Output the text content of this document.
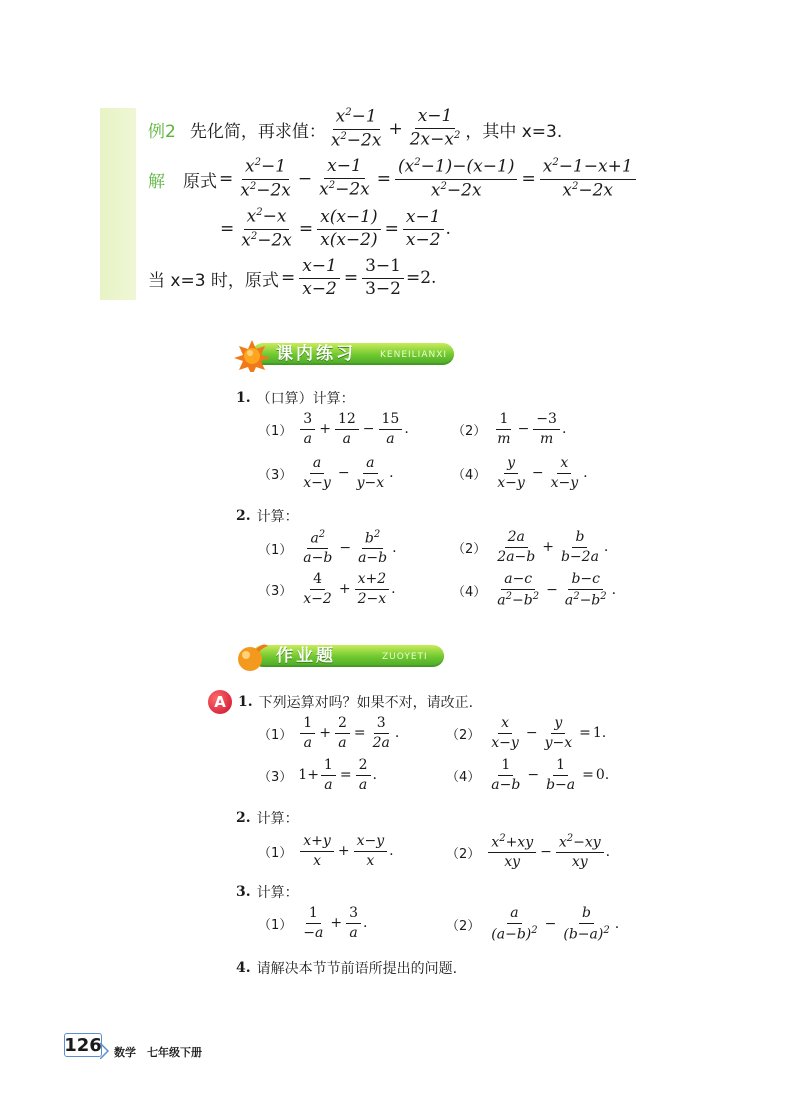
例2 先化简，再求值： $\frac{x^2-1}{x^2-2x} + \frac{x-1}{2x-x^2}$ ，其中 x=3.
解 原式 = $\frac{x^2-1}{x^2-2x} - \frac{x-1}{x^2-2x} = \frac{(x^2-1)-(x-1)}{x^2-2x} = \frac{x^2-1-x+1}{x^2-2x}$
= $\frac{x^2-x}{x^2-2x} = \frac{x(x-1)}{x(x-2)} = \frac{x-1}{x-2}$ .
当 x=3 时，原式 = $\frac{x-1}{x-2} = \frac{3-1}{3-2} =2$.
课内练习	KENEILIANXI
1. （口算）计算：
$(1) \frac{3}{a} + \frac{12}{a} - \frac{15}{a}$ .	$(2) \frac{1}{m} - \frac{-3}{m}$ .
$(3) \frac{a}{x-y} - \frac{a}{y-x}$ .	$(4) \frac{y}{x-y} - \frac{x}{x-y}$ .
2. 计算：
$(1) \frac{a^2}{a-b} - \frac{b^2}{a-b}$ .	$(2) \frac{2a}{2a-b} + \frac{b}{b-2a}$ .
$(3) \frac{4}{x-2} + \frac{x+2}{2-x}$ .	$(4) \frac{a-c}{a^2-b^2} - \frac{b-c}{a^2-b^2}$ .
作业题	ZUOYETI
A 1. 下列运算对吗？如果不对，请改正.
$(1) \frac{1}{a} + \frac{2}{a} = \frac{3}{2a}$ .	$(2) \frac{x}{x-y} - \frac{y}{y-x} = 1$.
（3） $1+ \frac{1}{a} = \frac{2}{a}$ .	$(4) \frac{1}{a-b} - \frac{1}{b-a} = 0$.
2. 计算：
$(1) \frac{x+y}{x} + \frac{x-y}{x}$ .	$(2) \frac{x^2+xy}{xy} - \frac{x^2-xy}{xy}$ .
3. 计算：
$(1) \frac{1}{-a} + \frac{3}{a}$ .	$(2) \frac{a}{(a-b)^2} - \frac{b}{(b-a)^2}$ .
4. 请解决本节节前语所提出的问题.
126 数学　七年级下册
